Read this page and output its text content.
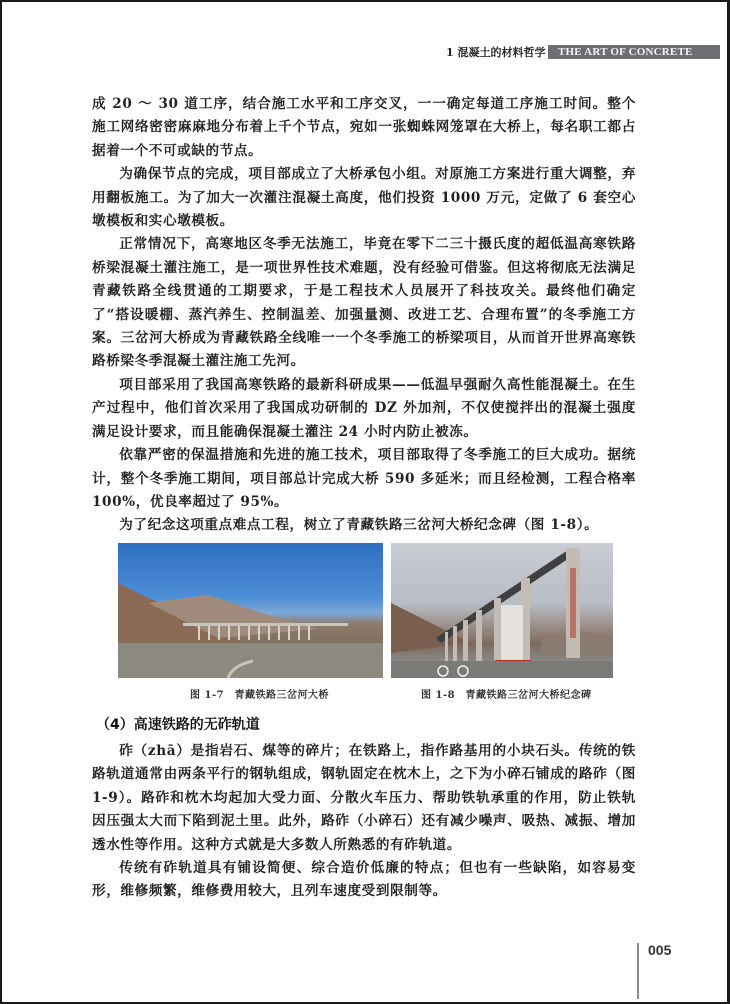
1 混凝土的材料哲学	THE ART OF CONCRETE

成 20 ～ 30 道工序，结合施工水平和工序交叉，一一确定每道工序施工时间。整个施工网络密密麻麻地分布着上千个节点，宛如一张蜘蛛网笼罩在大桥上，每名职工都占据着一个不可或缺的节点。

为确保节点的完成，项目部成立了大桥承包小组。对原施工方案进行重大调整，弃用翻板施工。为了加大一次灌注混凝土高度，他们投资 1000 万元，定做了 6 套空心墩模板和实心墩模板。

正常情况下，高寒地区冬季无法施工，毕竟在零下二三十摄氏度的超低温高寒铁路桥梁混凝土灌注施工，是一项世界性技术难题，没有经验可借鉴。但这将彻底无法满足青藏铁路全线贯通的工期要求，于是工程技术人员展开了科技攻关。最终他们确定了“搭设暖棚、蒸汽养生、控制温差、加强量测、改进工艺、合理布置”的冬季施工方案。三岔河大桥成为青藏铁路全线唯一一个冬季施工的桥梁项目，从而首开世界高寒铁路桥梁冬季混凝土灌注施工先河。

项目部采用了我国高寒铁路的最新科研成果——低温早强耐久高性能混凝土。在生产过程中，他们首次采用了我国成功研制的 DZ 外加剂，不仅使搅拌出的混凝土强度满足设计要求，而且能确保混凝土灌注 24 小时内防止被冻。

依靠严密的保温措施和先进的施工技术，项目部取得了冬季施工的巨大成功。据统计，整个冬季施工期间，项目部总计完成大桥 590 多延米；而且经检测，工程合格率 100%，优良率超过了 95%。

为了纪念这项重点难点工程，树立了青藏铁路三岔河大桥纪念碑（图 1-8）。

图 1-7　青藏铁路三岔河大桥	图 1-8　青藏铁路三岔河大桥纪念碑
（4）高速铁路的无砟轨道

砟（zhā）是指岩石、煤等的碎片；在铁路上，指作路基用的小块石头。传统的铁路轨道通常由两条平行的钢轨组成，钢轨固定在枕木上，之下为小碎石铺成的路砟（图 1-9）。路砟和枕木均起加大受力面、分散火车压力、帮助铁轨承重的作用，防止铁轨因压强太大而下陷到泥土里。此外，路砟（小碎石）还有减少噪声、吸热、减振、增加透水性等作用。这种方式就是大多数人所熟悉的有砟轨道。

传统有砟轨道具有铺设简便、综合造价低廉的特点；但也有一些缺陷，如容易变形，维修频繁，维修费用较大，且列车速度受到限制等。

005
